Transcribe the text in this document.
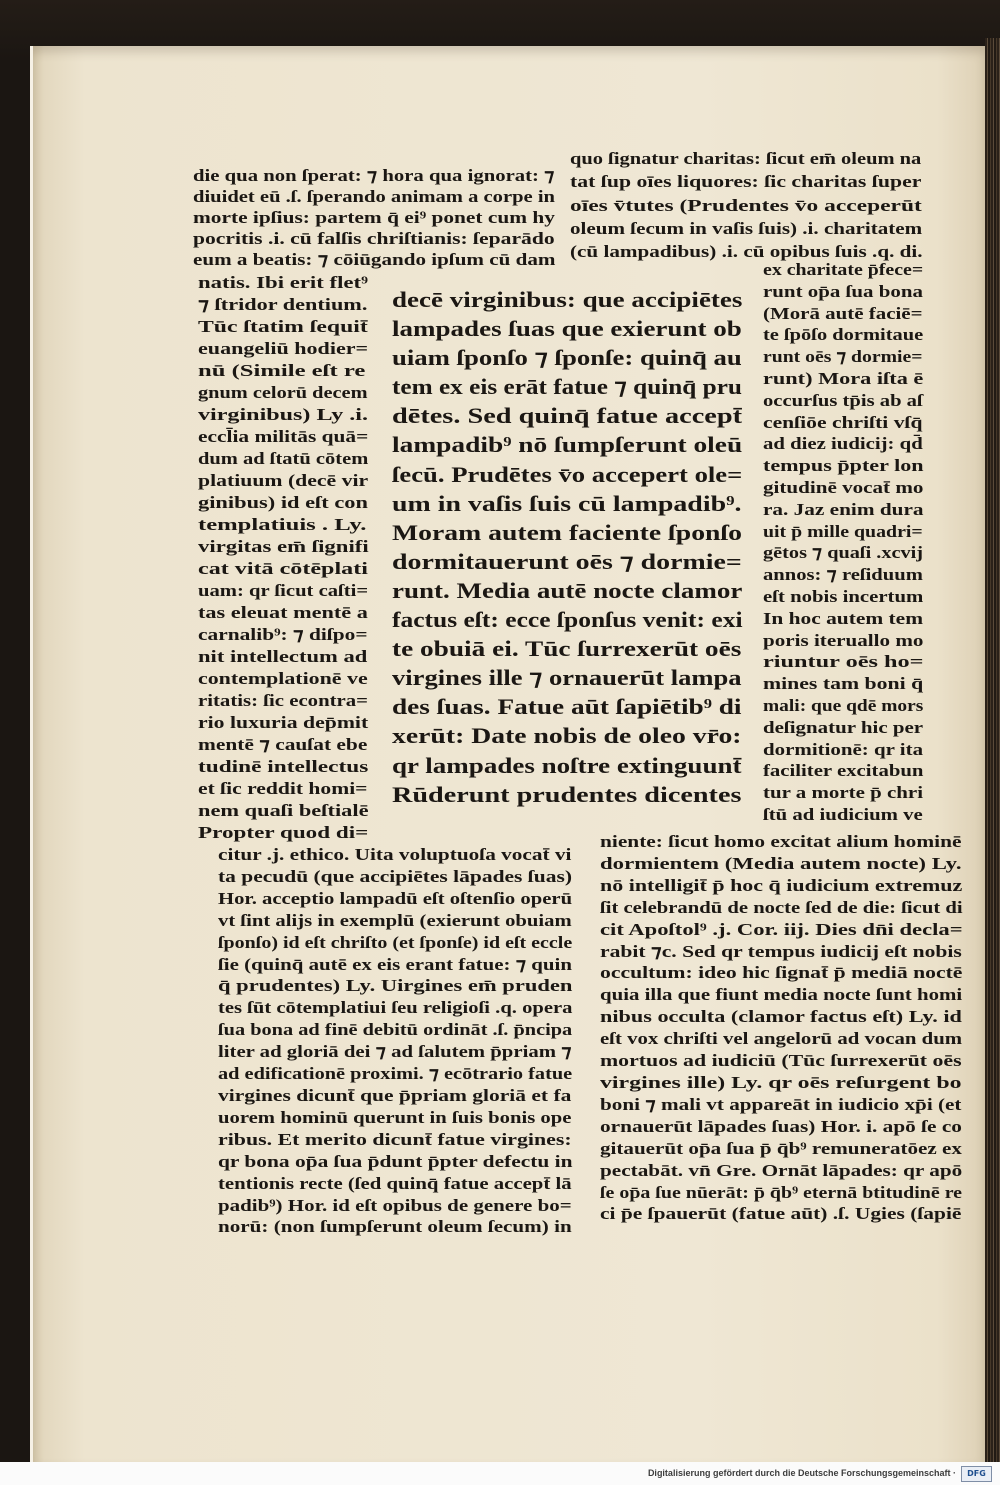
die qua non ſperat: ⁊ hora qua ignorat: ⁊
diuidet eū .ſ. ſperando animam a corpe in
morte ipſius: partem q̄ ei⁹ ponet cum hy
pocritis .i. cū falſis chriſtianis: ſeparādo
eum a beatis: ⁊ cōiūgando ipſum cū dam
quo ſignatur charitas: ſicut em̄ oleum na
tat ſup oīes liquores: ſic charitas ſuper
oīes v̄tutes (Prudentes v̄o acceperūt
oleum ſecum in vaſis ſuis) .i. charitatem
(cū lampadibus) .i. cū opibus ſuis .q. di.
natis. Ibi erit flet⁹
⁊ ſtridor dentium.
Tūc ſtatim ſequit̄
euangeliū hodier=
nū (Simile eſt re
gnum celorū decem
virginibus) Ly .i.
eccl̄ia militās quā=
dum ad ſtatū cōtem
platiuum (decē vir
ginibus) id eſt con
templatiuis . Ly.
virgitas em̄ ſignifi
cat vitā cōtēplati
uam: qr ſicut caſti=
tas eleuat mentē a
carnalib⁹: ⁊ diſpo=
nit intellectum ad
contemplationē ve
ritatis: ſic econtra=
rio luxuria dep̄mit
mentē ⁊ cauſat ebe
tudinē intellectus
et ſic reddit homi=
nem quaſi beſtialē
Propter quod di=
decē virginibus: que accipiētes
lampades ſuas que exierunt ob
uiam ſponſo ⁊ ſponſe: quinq̄ au
tem ex eis erāt fatue ⁊ quinq̄ pru
dētes. Sed quinq̄ fatue accept̄
lampadib⁹ nō ſumpſerunt oleū
ſecū. Prudētes v̄o accepert ole=
um in vaſis ſuis cū lampadib⁹.
Moram autem faciente ſponſo
dormitauerunt oēs ⁊ dormie=
runt. Media autē nocte clamor
factus eſt: ecce ſponſus venit: exi
te obuiā ei. Tūc ſurrexerūt oēs
virgines ille ⁊ ornauerūt lampa
des ſuas. Fatue aūt ſapiētib⁹ di
xerūt: Date nobis de oleo vr̄o:
qr lampades noſtre extinguunt̄
Rūderunt prudentes dicentes
ex charitate p̄fece=
runt op̄a ſua bona
(Morā autē faciē=
te ſpōſo dormitaue
runt oēs ⁊ dormie=
runt) Mora iſta ē
occurſus tp̄is ab aſ
cenſiōe chriſti vſq̄
ad diez iudicij: qd̄
tempus p̄pter lon
gitudinē vocat̄ mo
ra. Jaz enim dura
uit p̄ mille quadri=
gētos ⁊ quaſi .xcvij
annos: ⁊ reſiduum
eſt nobis incertum
In hoc autem tem
poris iteruallo mo
riuntur oēs ho=
mines tam boni q̄
mali: que qdē mors
deſignatur hic per
dormitionē: qr ita
faciliter excitabun
tur a morte p̄ chri
ſtū ad iudicium ve
citur .j. ethico. Uita voluptuoſa vocat̄ vi
ta pecudū (que accipiētes lāpades ſuas)
Hor. acceptio lampadū eſt oſtenſio operū
vt ſint alijs in exemplū (exierunt obuiam
ſponſo) id eſt chriſto (et ſponſe) id eſt eccle
ſie (quinq̄ autē ex eis erant fatue: ⁊ quin
q̄ prudentes) Ly. Uirgines em̄ pruden
tes ſūt cōtemplatiui ſeu religioſi .q. opera
ſua bona ad finē debitū ordināt .ſ. p̄ncipa
liter ad gloriā dei ⁊ ad ſalutem p̄priam ⁊
ad edificationē proximi. ⁊ ecōtrario fatue
virgines dicunt̄ que p̄priam gloriā et fa
uorem hominū querunt in ſuis bonis ope
ribus. Et merito dicunt̄ fatue virgines:
qr bona op̄a ſua p̄dunt p̄pter defectu in
tentionis recte (ſed quinq̄ fatue accept̄ lā
padib⁹) Hor. id eſt opibus de genere bo=
norū: (non ſumpſerunt oleum ſecum) in
niente: ſicut homo excitat alium hominē
dormientem (Media autem nocte) Ly.
nō intelligit̄ p̄ hoc q̄ iudicium extremuz
ſit celebrandū de nocte ſed de die: ſicut di
cit Apoſtol⁹ .j. Cor. iij. Dies dn̄i decla=
rabit ⁊c. Sed qr tempus iudicij eſt nobis
occultum: ideo hic ſignat̄ p̄ mediā noctē
quia illa que fiunt media nocte ſunt homi
nibus occulta (clamor factus eſt) Ly. id
eſt vox chriſti vel angelorū ad vocan dum
mortuos ad iudiciū (Tūc ſurrexerūt oēs
virgines ille) Ly. qr oēs reſurgent bo
boni ⁊ mali vt appareāt in iudicio xp̄i (et
ornauerūt lāpades ſuas) Hor. i. apō ſe co
gitauerūt op̄a ſua p̄ q̄b⁹ remuneratōez ex
pectabāt. vn̄ Gre. Ornāt lāpades: qr apō
ſe op̄a ſue nūerāt: p̄ q̄b⁹ eternā btitudinē re
ci p̄e ſpauerūt (fatue aūt) .ſ. Ugies (ſapiē
Digitalisierung gefördert durch die Deutsche Forschungsgemeinschaft ·	DFG
